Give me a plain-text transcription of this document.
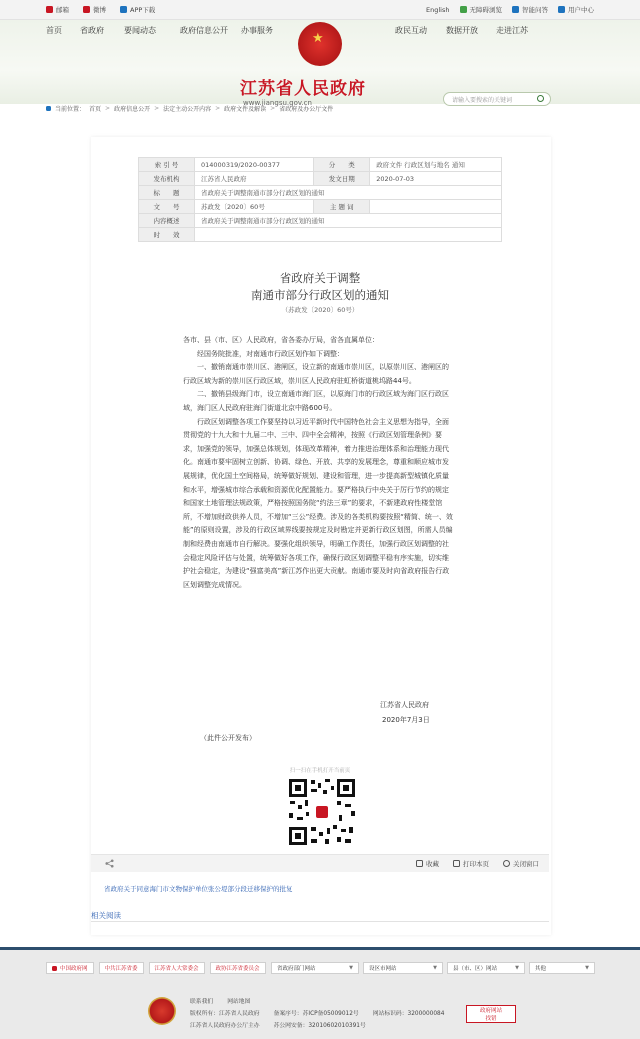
邮箱	微博	APP下载	English	无障碍浏览	智能问答	用户中心
首页 省政府	要闻动态	政府信息公开 办事服务	政民互动 数据开放 走进江苏
★
江苏省人民政府
www.jiangsu.gov.cn	请输入要搜索的关键词
当前位置： 首页 > 政府信息公开 > 法定主动公开内容 > 政府文件及解读 > 省政府及办公厅文件
索 引 号	014000319/2020-00377	分　　类	政府文件 行政区划与地名 通知
发布机构	江苏省人民政府	发文日期	2020-07-03
标　　题	省政府关于调整南通市部分行政区划的通知		
文　　号	苏政发〔2020〕60号	主 题 词	
内容概述	省政府关于调整南通市部分行政区划的通知		
时　　效			
省政府关于调整
南通市部分行政区划的通知
（苏政发〔2020〕60号）

各市、县（市、区）人民政府，省各委办厅局，省各直属单位：

经国务院批准，对南通市行政区划作如下调整：

一、撤销南通市崇川区、港闸区，设立新的南通市崇川区，以原崇川区、港闸区的行政区域为新的崇川区行政区域，崇川区人民政府驻虹桥街道桃坞路44号。

二、撤销县级海门市，设立南通市海门区，以原海门市的行政区域为海门区行政区域，海门区人民政府驻海门街道北京中路600号。

行政区划调整各项工作要坚持以习近平新时代中国特色社会主义思想为指导，全面贯彻党的十九大和十九届二中、三中、四中全会精神，按照《行政区划管理条例》要求，加强党的领导，加强总体规划，体现改革精神，着力推进治理体系和治理能力现代化。南通市要牢固树立创新、协调、绿色、开放、共享的发展理念，尊重和顺应城市发展规律，优化国土空间格局，统筹做好规划、建设和管理，进一步提高新型城镇化质量和水平，增强城市综合承载和资源优化配置能力。要严格执行中央关于厉行节约的规定和国家土地管理法规政策，严格按照国务院“约法三章”的要求，不新建政府性楼堂馆所，不增加财政供养人员，不增加“三公”经费。涉及的各类机构要按照“精简、统一、效能”的原则设置，涉及的行政区域界线要按规定及时勘定并更新行政区划图，所需人员编制和经费由南通市自行解决。要强化组织领导，明确工作责任，加强行政区划调整的社会稳定风险评估与处置，统筹做好各项工作，确保行政区划调整平稳有序实施，切实维护社会稳定，为建设“强富美高”新江苏作出更大贡献。南通市要及时向省政府报告行政区划调整完成情况。

江苏省人民政府
2020年7月3日
（此件公开发布）
扫一扫在手机打开当前页
收藏	打印本页	关闭窗口
省政府关于同意海门市文物保护单位张公堤部分段迁移保护的批复
相关阅读
中国政府网	中共江苏省委	江苏省人大常委会	政协江苏省委员会	省政府部门网站	▼	设区市网站	▼	县（市、区）网站	▼	其他	▼
联系我们 网站地图
版权所有：江苏省人民政府 备案序号：苏ICP备05009012号 网站标识码：3200000084
江苏省人民政府办公厅主办 苏公网安备：32010602010391号
政府网站
找错
